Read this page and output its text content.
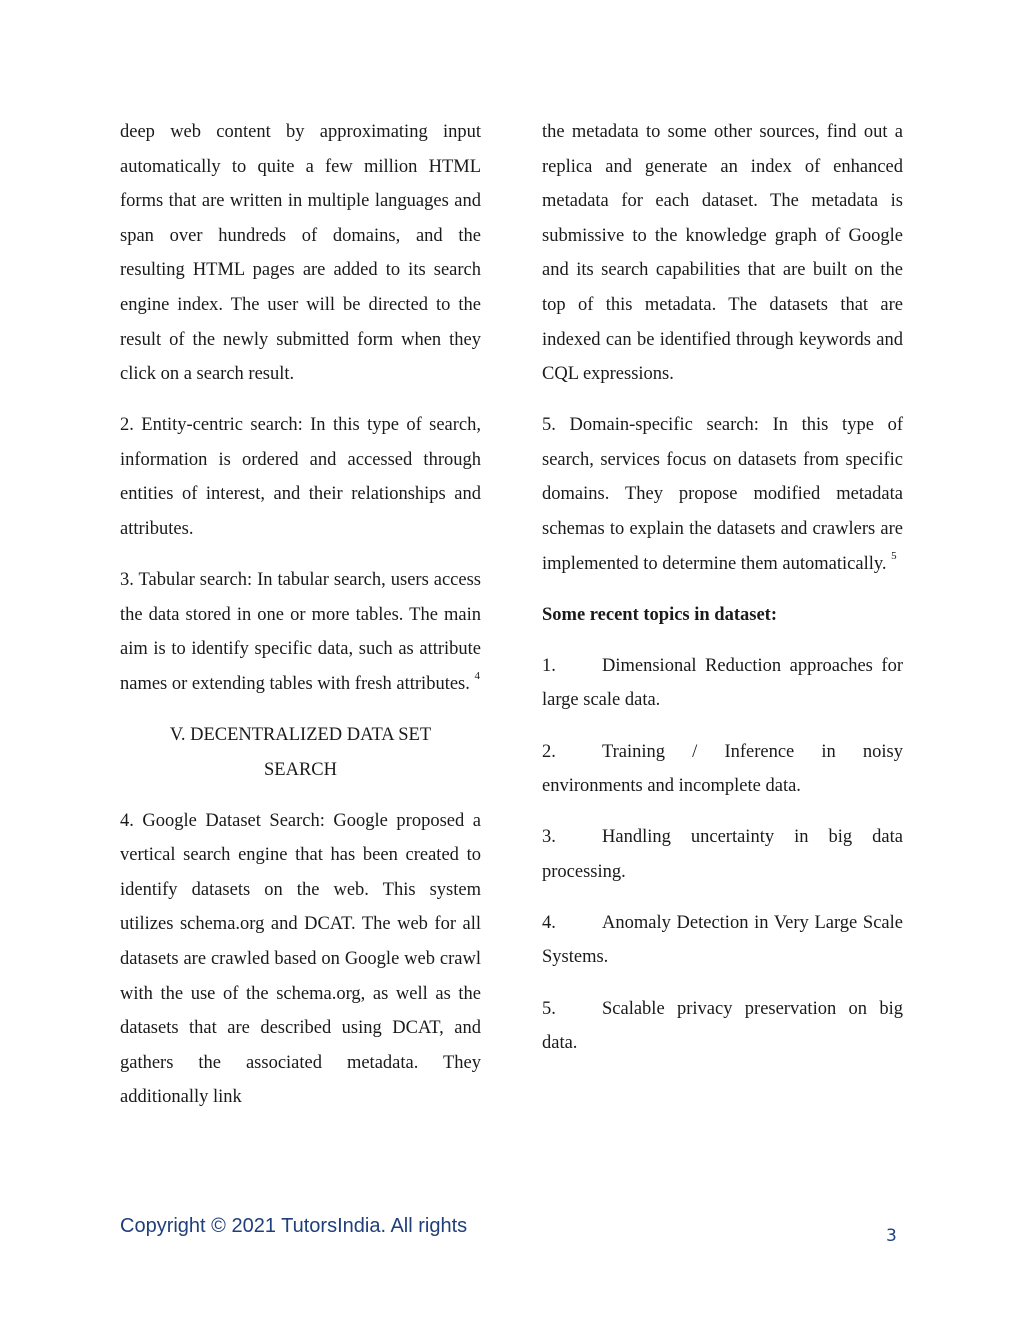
deep web content by approximating input automatically to quite a few million HTML forms that are written in multiple languages and span over hundreds of domains, and the resulting HTML pages are added to its search engine index. The user will be directed to the result of the newly submitted form when they click on a search result.

2. Entity-centric search: In this type of search, information is ordered and accessed through entities of interest, and their relationships and attributes.

3. Tabular search: In tabular search, users access the data stored in one or more tables. The main aim is to identify specific data, such as attribute names or extending tables with fresh attributes. $^4$

V. DECENTRALIZED DATA SET
SEARCH

4. Google Dataset Search: Google proposed a vertical search engine that has been created to identify datasets on the web. This system utilizes schema.org and DCAT. The web for all datasets are crawled based on Google web crawl with the use of the schema.org, as well as the datasets that are described using DCAT, and gathers the associated metadata. They additionally link

the metadata to some other sources, find out a replica and generate an index of enhanced metadata for each dataset. The metadata is submissive to the knowledge graph of Google and its search capabilities that are built on the top of this metadata. The datasets that are indexed can be identified through keywords and CQL expressions.

5. Domain-specific search: In this type of search, services focus on datasets from specific domains. They propose modified metadata schemas to explain the datasets and crawlers are implemented to determine them automatically. $^5$

Some recent topics in dataset:

1. Dimensional Reduction approaches for large scale data.
2. Training / Inference in noisy environments and incomplete data.
3. Handling uncertainty in big data processing.
4. Anomaly Detection in Very Large Scale Systems.
5. Scalable privacy preservation on big data.
Copyright © 2021 TutorsIndia. All rights	3
